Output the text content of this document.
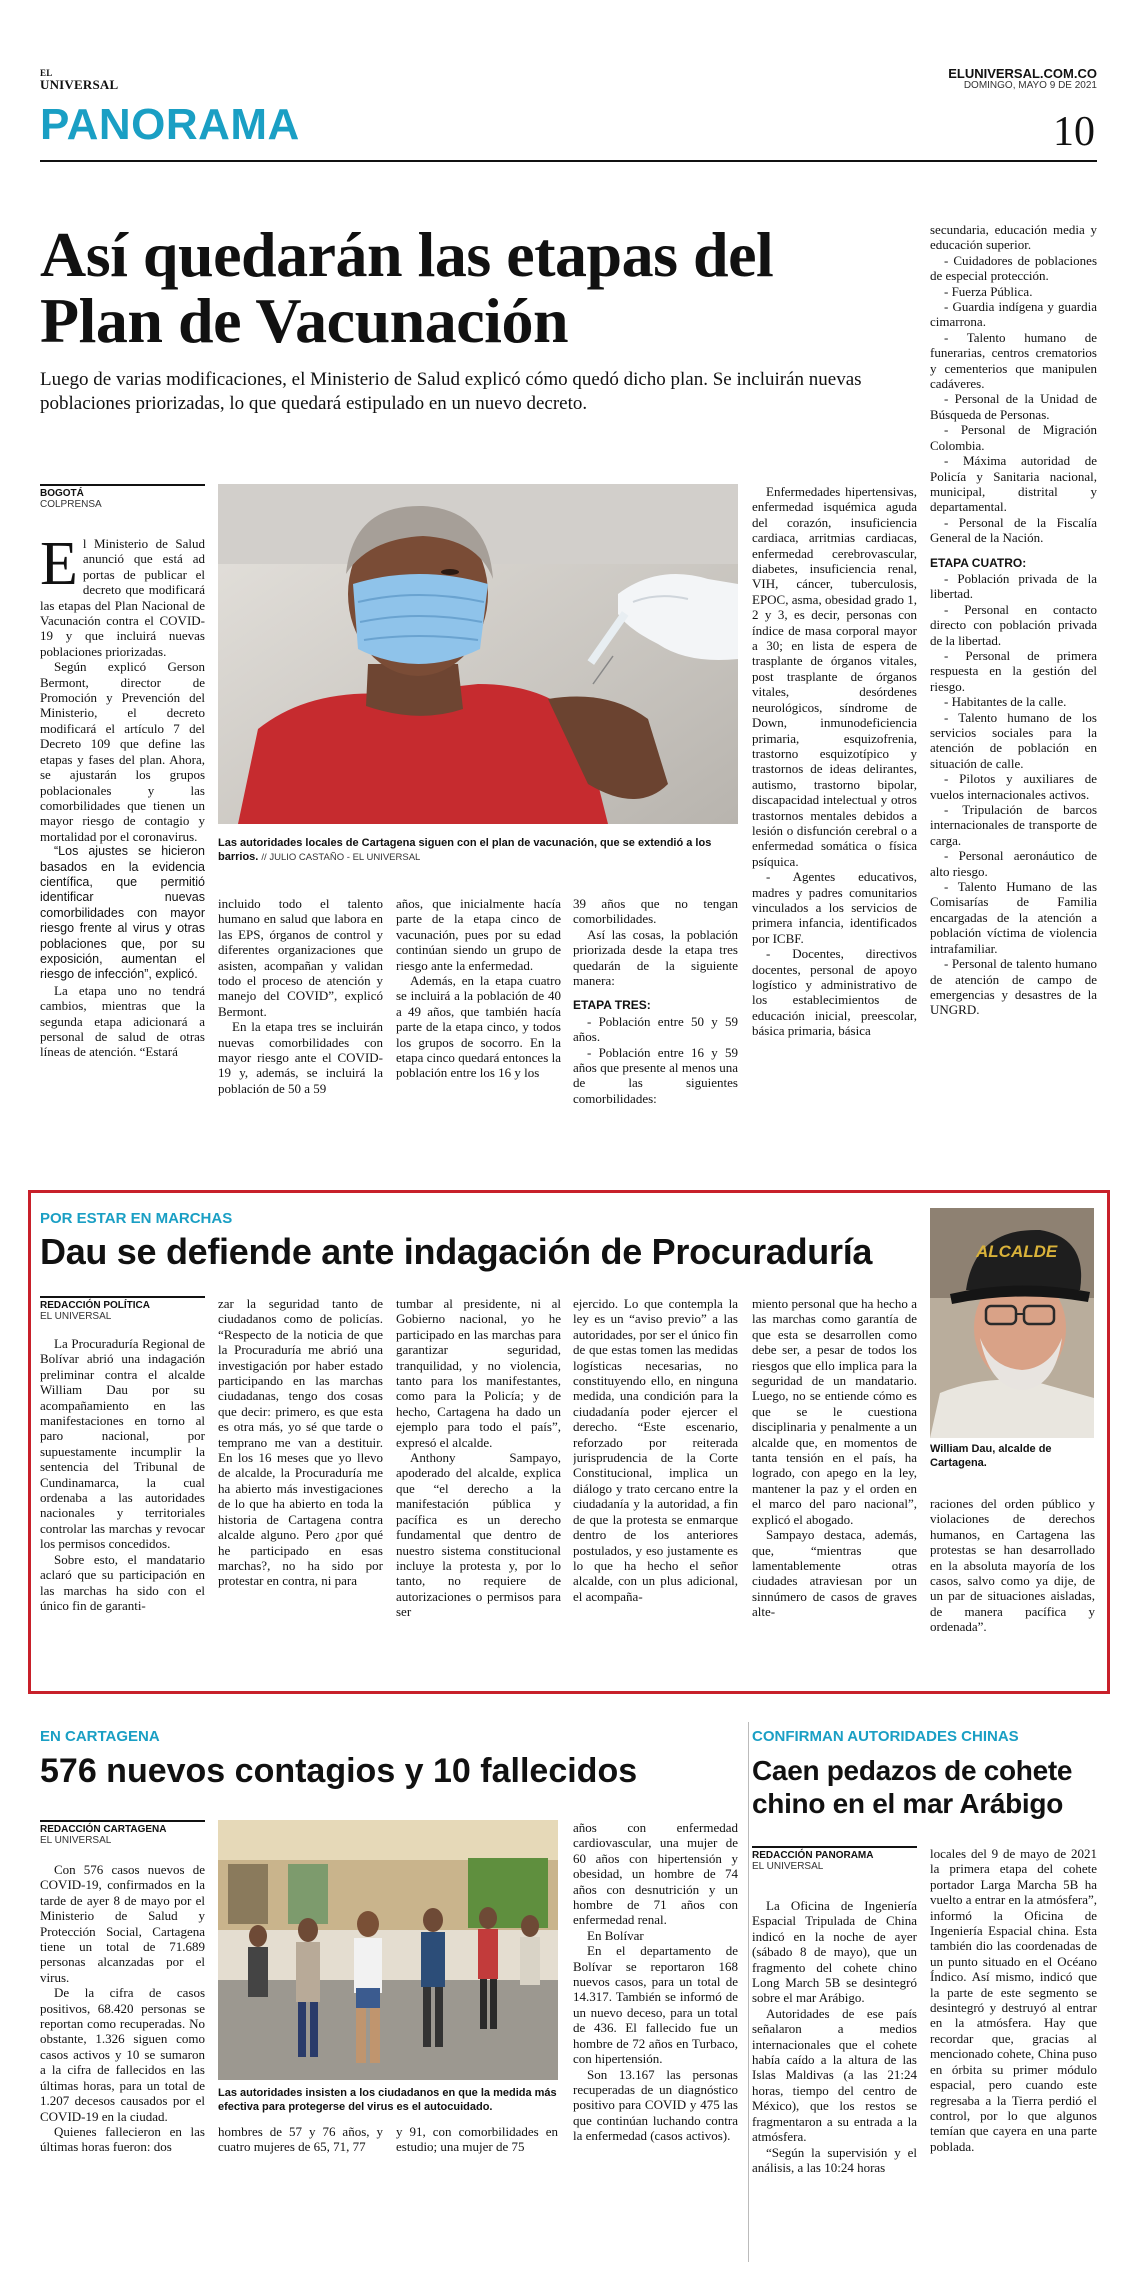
EL
UNIVERSAL
ELUNIVERSAL.COM.CO
DOMINGO, MAYO 9 DE 2021
PANORAMA	10
Así quedarán las etapas del Plan de Vacunación
Luego de varias modificaciones, el Ministerio de Salud explicó cómo quedó dicho plan. Se incluirán nuevas poblaciones priorizadas, lo que quedará estipulado en un nuevo decreto.
BOGOTÁ
COLPRENSA

El Ministerio de Salud anunció que está ad portas de publicar el decreto que modificará las etapas del Plan Nacional de Vacunación contra el COVID-19 y que incluirá nuevas poblaciones priorizadas.

Según explicó Gerson Bermont, director de Promoción y Prevención del Ministerio, el decreto modificará el artículo 7 del Decreto 109 que define las etapas y fases del plan. Ahora, se ajustarán los grupos poblacionales y las comorbilidades que tienen un mayor riesgo de contagio y mortalidad por el coronavirus.

“Los ajustes se hicieron basados en la evidencia científica, que permitió identificar nuevas comorbilidades con mayor riesgo frente al virus y otras poblaciones que, por su exposición, aumentan el riesgo de infección”, explicó.

La etapa uno no tendrá cambios, mientras que la segunda etapa adicionará a personal de salud de otras líneas de atención. “Estará

Las autoridades locales de Cartagena siguen con el plan de vacunación, que se extendió a los barrios. // JULIO CASTAÑO - EL UNIVERSAL

incluido todo el talento humano en salud que labora en las EPS, órganos de control y diferentes organizaciones que asisten, acompañan y validan todo el proceso de atención y manejo del COVID”, explicó Bermont.

En la etapa tres se incluirán nuevas comorbilidades con mayor riesgo ante el COVID-19 y, además, se incluirá la población de 50 a 59

años, que inicialmente hacía parte de la etapa cinco de vacunación, pues por su edad continúan siendo un grupo de riesgo ante la enfermedad.

Además, en la etapa cuatro se incluirá a la población de 40 a 49 años, que también hacía parte de la etapa cinco, y todos los grupos de socorro. En la etapa cinco quedará entonces la población entre los 16 y los

39 años que no tengan comorbilidades.

Así las cosas, la población priorizada desde la etapa tres quedarán de la siguiente manera:

ETAPA TRES:

- Población entre 50 y 59 años.

- Población entre 16 y 59 años que presente al menos una de las siguientes comorbilidades:

Enfermedades hipertensivas, enfermedad isquémica aguda del corazón, insuficiencia cardiaca, arritmias cardiacas, enfermedad cerebrovascular, diabetes, insuficiencia renal, VIH, cáncer, tuberculosis, EPOC, asma, obesidad grado 1, 2 y 3, es decir, personas con índice de masa corporal mayor a 30; en lista de espera de trasplante de órganos vitales, post trasplante de órganos vitales, desórdenes neurológicos, síndrome de Down, inmunodeficiencia primaria, esquizofrenia, trastorno esquizotípico y trastornos de ideas delirantes, autismo, trastorno bipolar, discapacidad intelectual y otros trastornos mentales debidos a lesión o disfunción cerebral o a enfermedad somática o física psíquica.

- Agentes educativos, madres y padres comunitarios vinculados a los servicios de primera infancia, identificados por ICBF.

- Docentes, directivos docentes, personal de apoyo logístico y administrativo de los establecimientos de educación inicial, preescolar, básica primaria, básica

secundaria, educación media y educación superior.

- Cuidadores de poblaciones de especial protección.

- Fuerza Pública.

- Guardia indígena y guardia cimarrona.

- Talento humano de funerarias, centros crematorios y cementerios que manipulen cadáveres.

- Personal de la Unidad de Búsqueda de Personas.

- Personal de Migración Colombia.

- Máxima autoridad de Policía y Sanitaria nacional, municipal, distrital y departamental.

- Personal de la Fiscalía General de la Nación.

ETAPA CUATRO:

- Población privada de la libertad.

- Personal en contacto directo con población privada de la libertad.

- Personal de primera respuesta en la gestión del riesgo.

- Habitantes de la calle.

- Talento humano de los servicios sociales para la atención de población en situación de calle.

- Pilotos y auxiliares de vuelos internacionales activos.

- Tripulación de barcos internacionales de transporte de carga.

- Personal aeronáutico de alto riesgo.

- Talento Humano de las Comisarías de Familia encargadas de la atención a población víctima de violencia intrafamiliar.

- Personal de talento humano de atención de campo de emergencias y desastres de la UNGRD.

POR ESTAR EN MARCHAS
Dau se defiende ante indagación de Procuraduría
REDACCIÓN POLÍTICA
EL UNIVERSAL

La Procuraduría Regional de Bolívar abrió una indagación preliminar contra el alcalde William Dau por su acompañamiento en las manifestaciones en torno al paro nacional, por supuestamente incumplir la sentencia del Tribunal de Cundinamarca, la cual ordenaba a las autoridades nacionales y territoriales controlar las marchas y revocar los permisos concedidos.

Sobre esto, el mandatario aclaró que su participación en las marchas ha sido con el único fin de garanti-

zar la seguridad tanto de ciudadanos como de policías. “Respecto de la noticia de que la Procuraduría me abrió una investigación por haber estado participando en las marchas ciudadanas, tengo dos cosas que decir: primero, es que esta es otra más, yo sé que tarde o temprano me van a destituir. En los 16 meses que yo llevo de alcalde, la Procuraduría me ha abierto más investigaciones de lo que ha abierto en toda la historia de Cartagena contra alcalde alguno. Pero ¿por qué he participado en esas marchas?, no ha sido por protestar en contra, ni para

tumbar al presidente, ni al Gobierno nacional, yo he participado en las marchas para garantizar seguridad, tranquilidad, y no violencia, tanto para los manifestantes, como para la Policía; y de hecho, Cartagena ha dado un ejemplo para todo el país”, expresó el alcalde.

Anthony Sampayo, apoderado del alcalde, explica que “el derecho a la manifestación pública y pacífica es un derecho fundamental que dentro de nuestro sistema constitucional incluye la protesta y, por lo tanto, no requiere de autorizaciones o permisos para ser

ejercido. Lo que contempla la ley es un “aviso previo” a las autoridades, por ser el único fin de que estas tomen las medidas logísticas necesarias, no constituyendo ello, en ninguna medida, una condición para la ciudadanía poder ejercer el derecho. “Este escenario, reforzado por reiterada jurisprudencia de la Corte Constitucional, implica un diálogo y trato cercano entre la ciudadanía y la autoridad, a fin de que la protesta se enmarque dentro de los anteriores postulados, y eso justamente es lo que ha hecho el señor alcalde, con un plus adicional, el acompaña-

miento personal que ha hecho a las marchas como garantía de que esta se desarrollen como debe ser, a pesar de todos los riesgos que ello implica para la seguridad de un mandatario. Luego, no se entiende cómo es que se le cuestiona disciplinaria y penalmente a un alcalde que, en momentos de tanta tensión en el país, ha logrado, con apego en la ley, mantener la paz y el orden en el marco del paro nacional”, explicó el abogado.

Sampayo destaca, además, que, “mientras que lamentablemente otras ciudades atraviesan por un sinnúmero de casos de graves alte-

ALCALDE
William Dau, alcalde de Cartagena.

raciones del orden público y violaciones de derechos humanos, en Cartagena las protestas se han desarrollado en la absoluta mayoría de los casos, salvo como ya dije, de un par de situaciones aisladas, de manera pacífica y ordenada”.

EN CARTAGENA
576 nuevos contagios y 10 fallecidos
REDACCIÓN CARTAGENA
EL UNIVERSAL

Con 576 casos nuevos de COVID-19, confirmados en la tarde de ayer 8 de mayo por el Ministerio de Salud y Protección Social, Cartagena tiene un total de 71.689 personas alcanzadas por el virus.

De la cifra de casos positivos, 68.420 personas se reportan como recuperadas. No obstante, 1.326 siguen como casos activos y 10 se sumaron a la cifra de fallecidos en las últimas horas, para un total de 1.207 decesos causados por el COVID-19 en la ciudad.

Quienes fallecieron en las últimas horas fueron: dos

Las autoridades insisten a los ciudadanos en que la medida más efectiva para protegerse del virus es el autocuidado.

hombres de 57 y 76 años, y cuatro mujeres de 65, 71, 77

y 91, con comorbilidades en estudio; una mujer de 75

años con enfermedad cardiovascular, una mujer de 60 años con hipertensión y obesidad, un hombre de 74 años con desnutrición y un hombre de 71 años con enfermedad renal.

En Bolívar

En el departamento de Bolívar se reportaron 168 nuevos casos, para un total de 14.317. También se informó de un nuevo deceso, para un total de 436. El fallecido fue un hombre de 72 años en Turbaco, con hipertensión.

Son 13.167 las personas recuperadas de un diagnóstico positivo para COVID y 475 las que continúan luchando contra la enfermedad (casos activos).

CONFIRMAN AUTORIDADES CHINAS
Caen pedazos de cohete chino en el mar Arábigo
REDACCIÓN PANORAMA
EL UNIVERSAL

La Oficina de Ingeniería Espacial Tripulada de China indicó en la noche de ayer (sábado 8 de mayo), que un fragmento del cohete chino Long March 5B se desintegró sobre el mar Arábigo.

Autoridades de ese país señalaron a medios internacionales que el cohete había caído a la altura de las Islas Maldivas (a las 21:24 horas, tiempo del centro de México), que los restos se fragmentaron a su entrada a la atmósfera.

“Según la supervisión y el análisis, a las 10:24 horas

locales del 9 de mayo de 2021 la primera etapa del cohete portador Larga Marcha 5B ha vuelto a entrar en la atmósfera”, informó la Oficina de Ingeniería Espacial china. Esta también dio las coordenadas de un punto situado en el Océano Índico. Así mismo, indicó que la parte de este segmento se desintegró y destruyó al entrar en la atmósfera. Hay que recordar que, gracias al mencionado cohete, China puso en órbita su primer módulo espacial, pero cuando este regresaba a la Tierra perdió el control, por lo que algunos temían que cayera en una parte poblada.
